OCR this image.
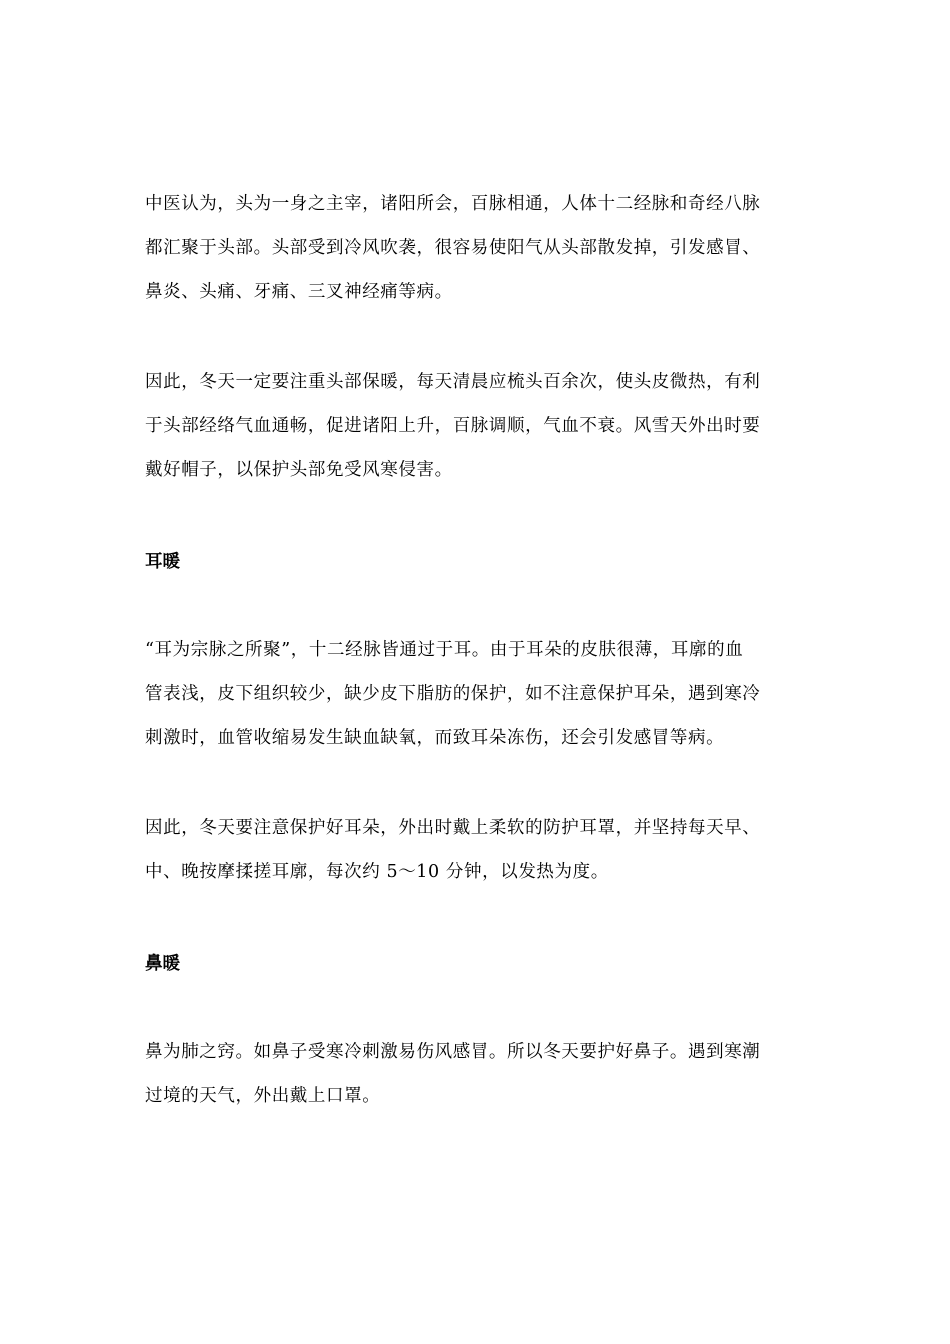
中医认为，头为一身之主宰，诸阳所会，百脉相通，人体十二经脉和奇经八脉
都汇聚于头部。头部受到冷风吹袭，很容易使阳气从头部散发掉，引发感冒、
鼻炎、头痛、牙痛、三叉神经痛等病。

因此，冬天一定要注重头部保暖，每天清晨应梳头百余次，使头皮微热，有利
于头部经络气血通畅，促进诸阳上升，百脉调顺，气血不衰。风雪天外出时要
戴好帽子，以保护头部免受风寒侵害。

耳暖

“耳为宗脉之所聚”，十二经脉皆通过于耳。由于耳朵的皮肤很薄，耳廓的血
管表浅，皮下组织较少，缺少皮下脂肪的保护，如不注意保护耳朵，遇到寒冷
刺激时，血管收缩易发生缺血缺氧，而致耳朵冻伤，还会引发感冒等病。

因此，冬天要注意保护好耳朵，外出时戴上柔软的防护耳罩，并坚持每天早、
中、晚按摩揉搓耳廓，每次约 5～10 分钟，以发热为度。

鼻暖

鼻为肺之窍。如鼻子受寒冷刺激易伤风感冒。所以冬天要护好鼻子。遇到寒潮
过境的天气，外出戴上口罩。
